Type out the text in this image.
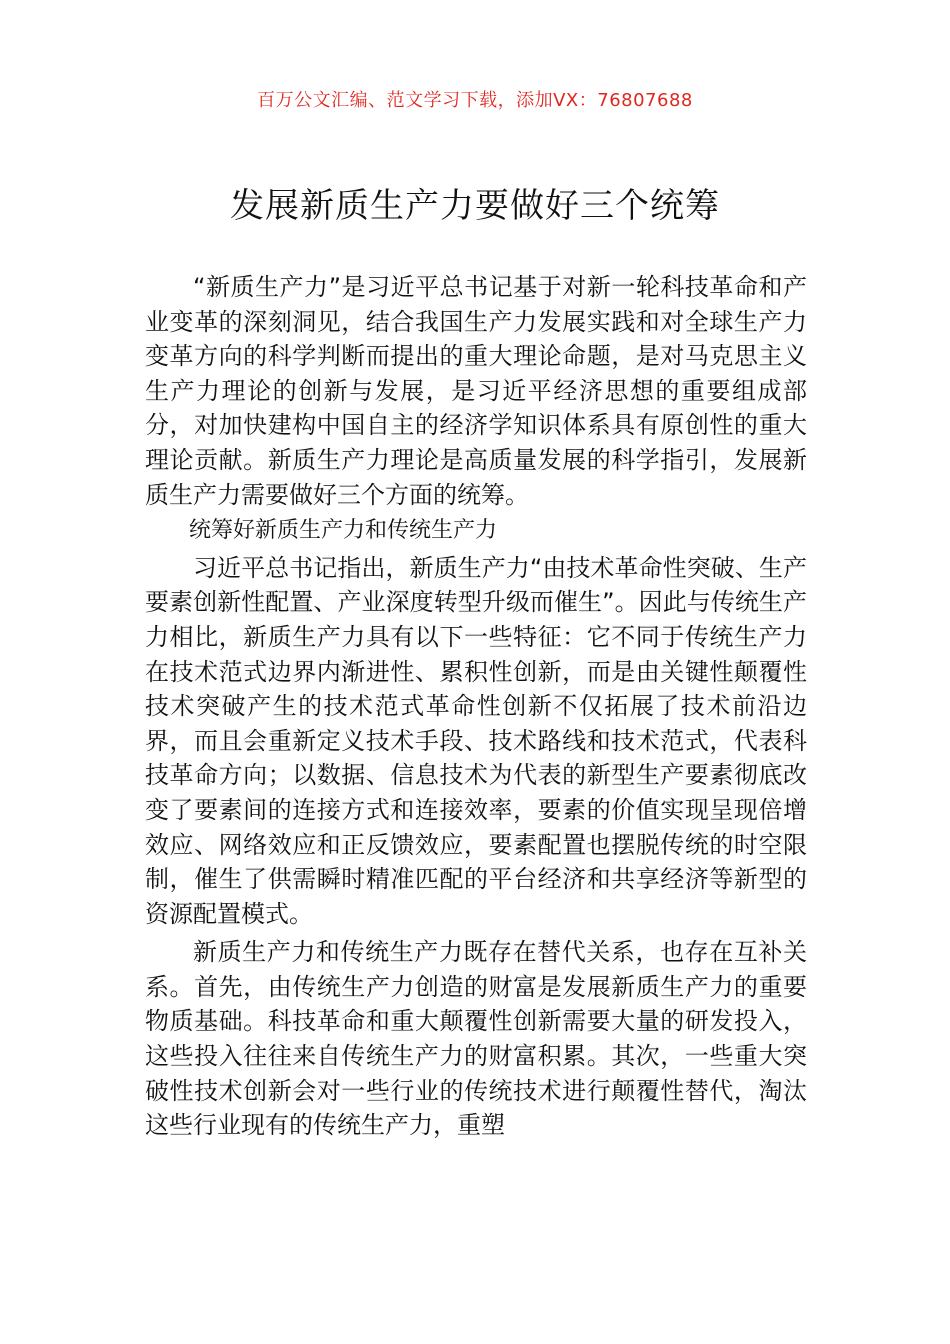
百万公文汇编、范文学习下载，添加VX：76807688
发展新质生产力要做好三个统筹

“新质生产力”是习近平总书记基于对新一轮科技革命和产业变革的深刻洞见，结合我国生产力发展实践和对全球生产力变革方向的科学判断而提出的重大理论命题，是对马克思主义生产力理论的创新与发展，是习近平经济思想的重要组成部分，对加快建构中国自主的经济学知识体系具有原创性的重大理论贡献。新质生产力理论是高质量发展的科学指引，发展新质生产力需要做好三个方面的统筹。

统筹好新质生产力和传统生产力

习近平总书记指出，新质生产力“由技术革命性突破、生产要素创新性配置、产业深度转型升级而催生”。因此与传统生产力相比，新质生产力具有以下一些特征：它不同于传统生产力在技术范式边界内渐进性、累积性创新，而是由关键性颠覆性技术突破产生的技术范式革命性创新不仅拓展了技术前沿边界，而且会重新定义技术手段、技术路线和技术范式，代表科技革命方向；以数据、信息技术为代表的新型生产要素彻底改变了要素间的连接方式和连接效率，要素的价值实现呈现倍增效应、网络效应和正反馈效应，要素配置也摆脱传统的时空限制，催生了供需瞬时精准匹配的平台经济和共享经济等新型的资源配置模式。

新质生产力和传统生产力既存在替代关系，也存在互补关系。首先，由传统生产力创造的财富是发展新质生产力的重要物质基础。科技革命和重大颠覆性创新需要大量的研发投入，这些投入往往来自传统生产力的财富积累。其次，一些重大突破性技术创新会对一些行业的传统技术进行颠覆性替代，淘汰这些行业现有的传统生产力，重塑
